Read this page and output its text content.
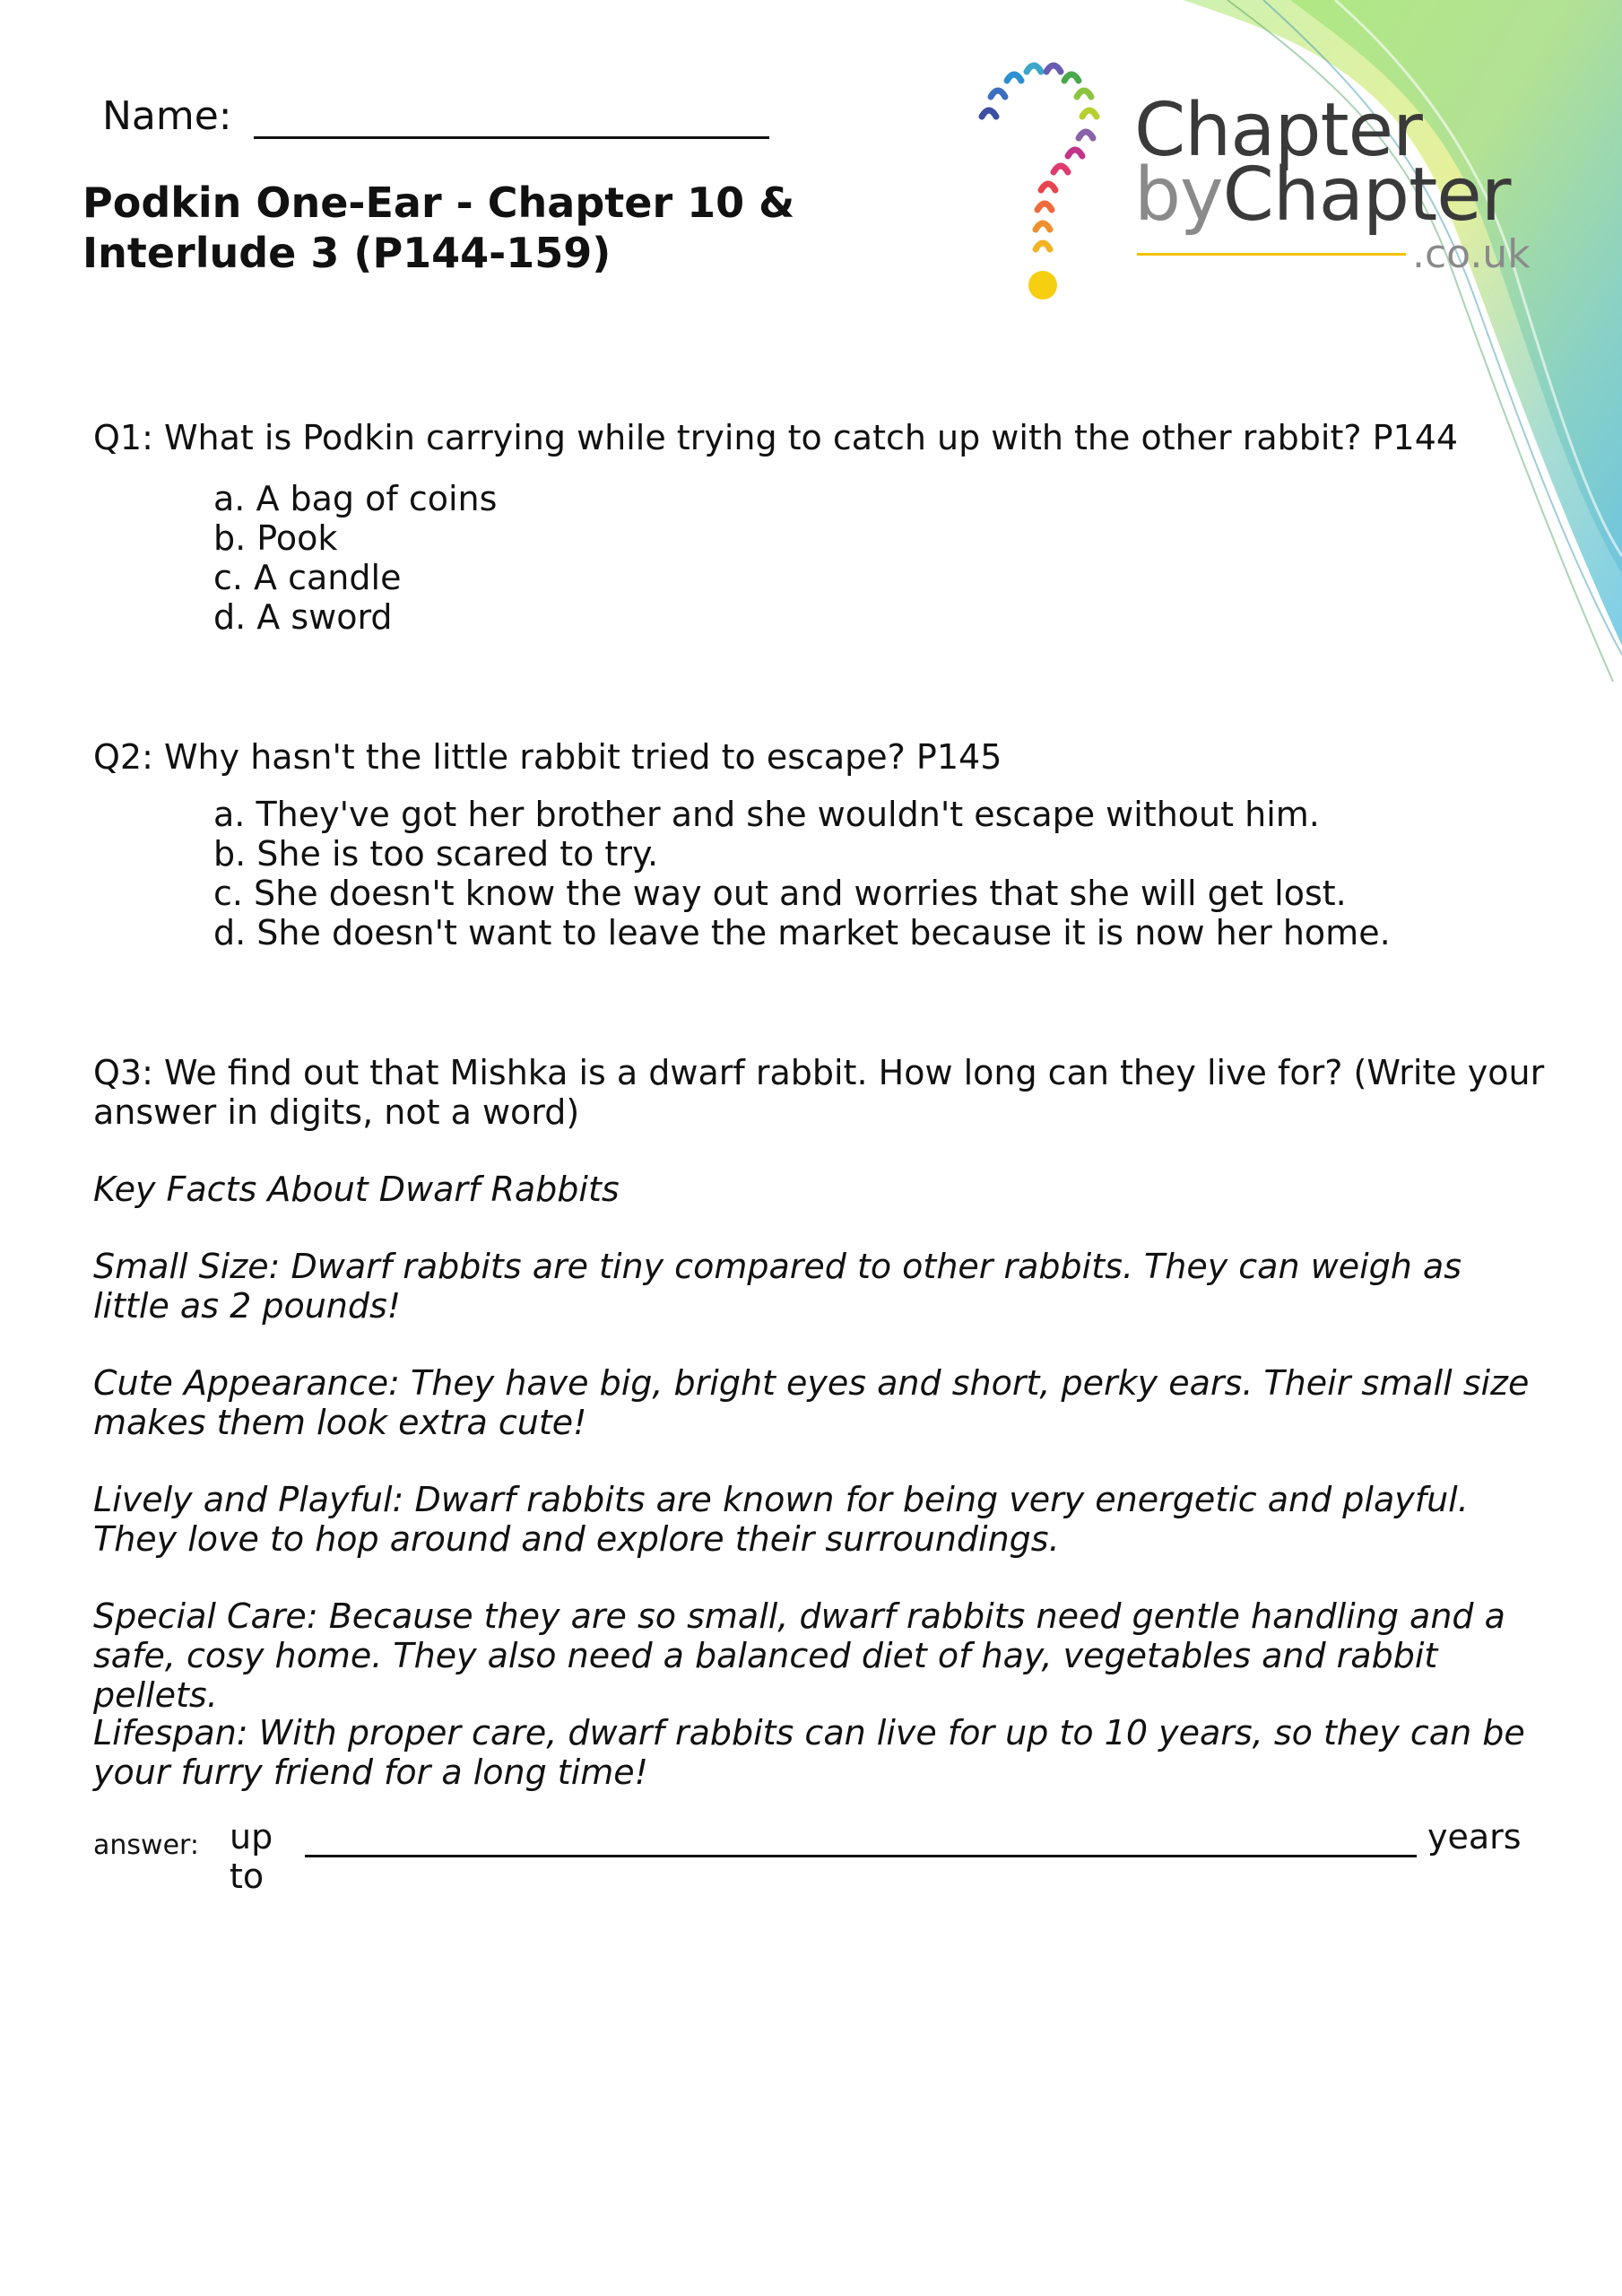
Name:
Podkin One-Ear - Chapter 10 & Interlude 3 (P144-159)
Chapter
byChapter
.co.uk
Q1: What is Podkin carrying while trying to catch up with the other rabbit? P144
a. A bag of coins
b. Pook
c. A candle
d. A sword
Q2: Why hasn't the little rabbit tried to escape? P145
a. They've got her brother and she wouldn't escape without him.
b. She is too scared to try.
c. She doesn't know the way out and worries that she will get lost.
d. She doesn't want to leave the market because it is now her home.
Q3: We find out that Mishka is a dwarf rabbit. How long can they live for? (Write your answer in digits, not a word)

Key Facts About Dwarf Rabbits

Small Size: Dwarf rabbits are tiny compared to other rabbits. They can weigh as little as 2 pounds!

Cute Appearance: They have big, bright eyes and short, perky ears. Their small size makes them look extra cute!

Lively and Playful: Dwarf rabbits are known for being very energetic and playful. They love to hop around and explore their surroundings.

Special Care: Because they are so small, dwarf rabbits need gentle handling and a safe, cosy home. They also need a balanced diet of hay, vegetables and rabbit pellets.

Lifespan: With proper care, dwarf rabbits can live for up to 10 years, so they can be your furry friend for a long time!

answer: up to
years
